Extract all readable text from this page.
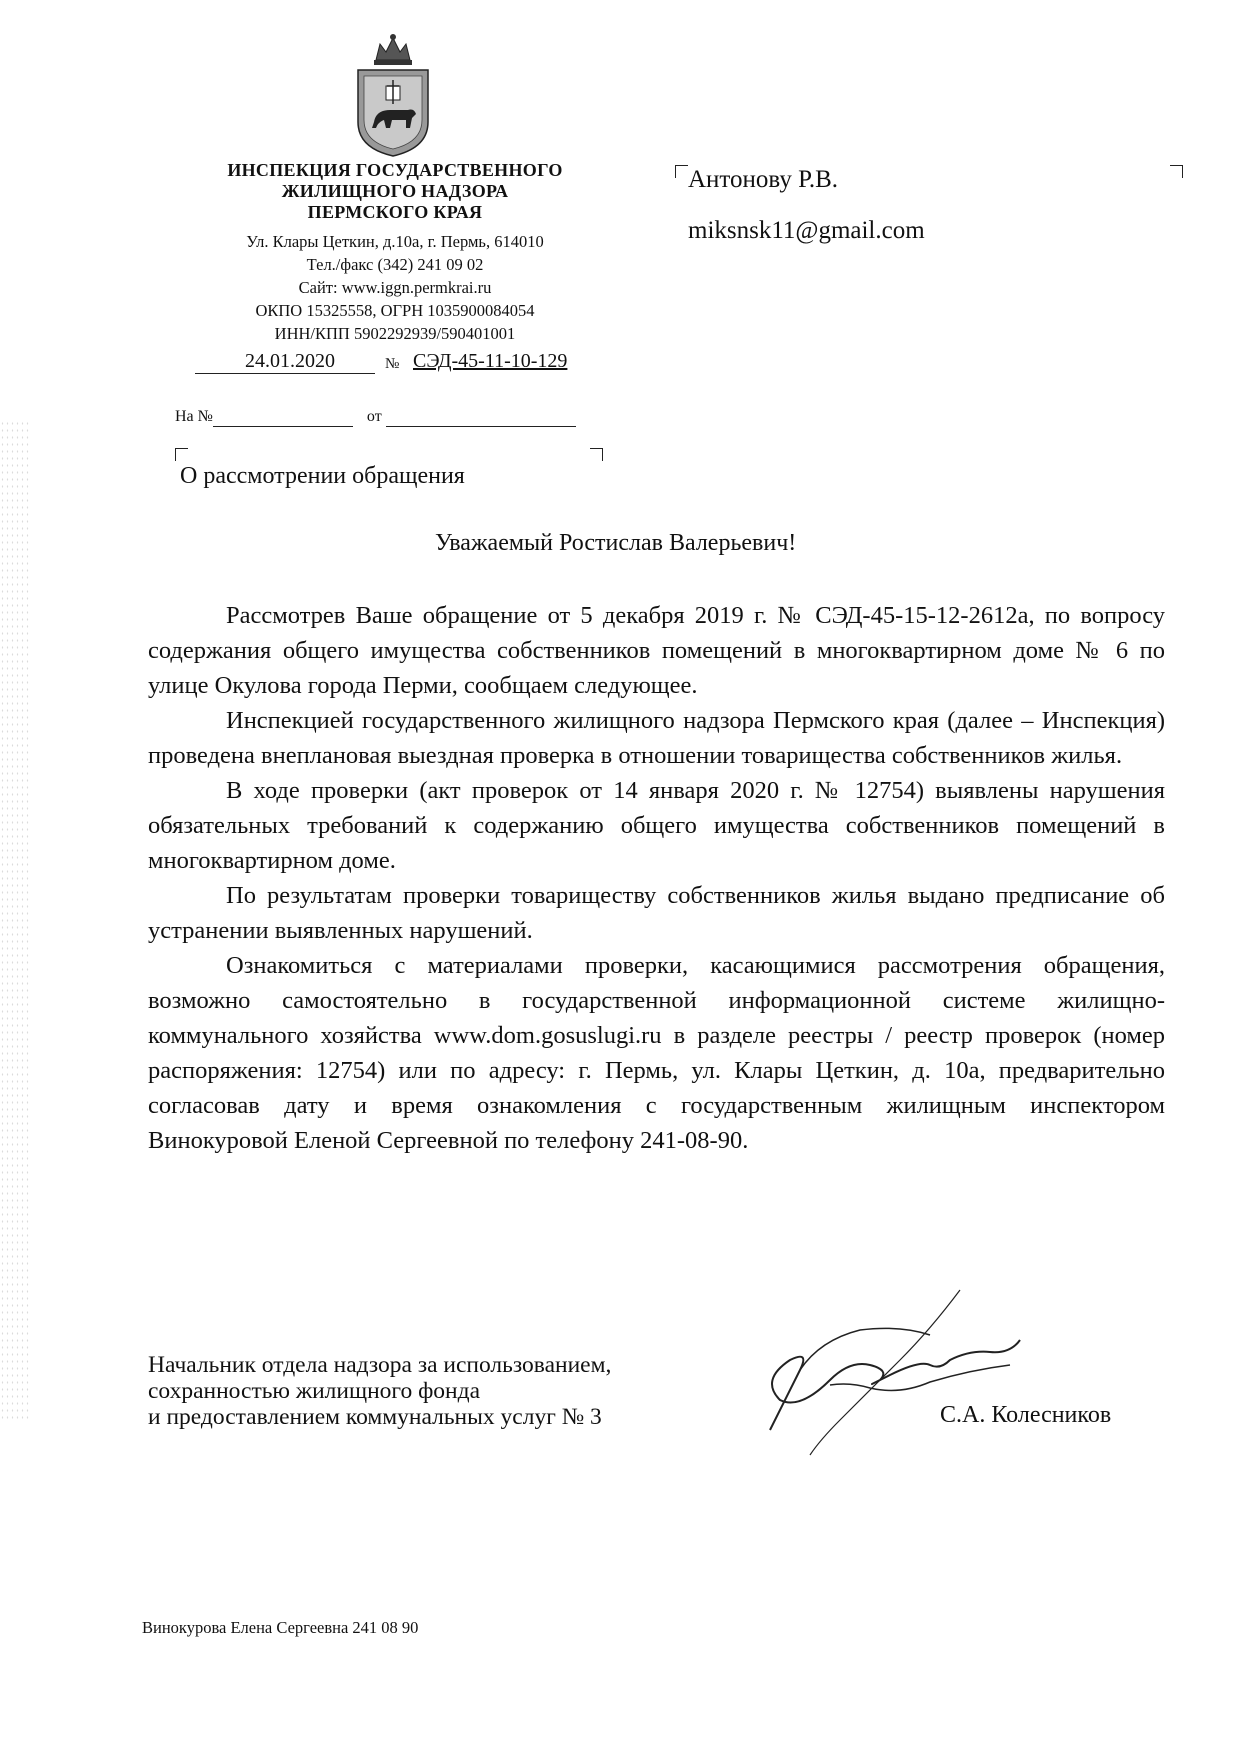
ИНСПЕКЦИЯ ГОСУДАРСТВЕННОГО
ЖИЛИЩНОГО НАДЗОРА
ПЕРМСКОГО КРАЯ
Ул. Клары Цеткин, д.10а, г. Пермь, 614010
Тел./факс (342) 241 09 02
Сайт: www.iggn.permkrai.ru
ОКПО 15325558, ОГРН 1035900084054
ИНН/КПП 5902292939/590401001
24.01.2020	№ СЭД-45-11-10-129
На №	от
О рассмотрении обращения
Антонову Р.В.
miksnsk11@gmail.com
Уважаемый Ростислав Валерьевич!

Рассмотрев Ваше обращение от 5 декабря 2019 г. № СЭД-45-15-12-2612а, по вопросу содержания общего имущества собственников помещений в многоквартирном доме № 6 по улице Окулова города Перми, сообщаем следующее.

Инспекцией государственного жилищного надзора Пермского края (далее – Инспекция) проведена внеплановая выездная проверка в отношении товарищества собственников жилья.

В ходе проверки (акт проверок от 14 января 2020 г. № 12754) выявлены нарушения обязательных требований к содержанию общего имущества собственников помещений в многоквартирном доме.

По результатам проверки товариществу собственников жилья выдано предписание об устранении выявленных нарушений.

Ознакомиться с материалами проверки, касающимися рассмотрения обращения, возможно самостоятельно в государственной информационной системе жилищно-коммунального хозяйства www.dom.gosuslugi.ru в разделе реестры / реестр проверок (номер распоряжения: 12754) или по адресу: г. Пермь, ул. Клары Цеткин, д. 10а, предварительно согласовав дату и время ознакомления с государственным жилищным инспектором Винокуровой Еленой Сергеевной по телефону 241-08-90.

Начальник отдела надзора за использованием,
сохранностью жилищного фонда
и предоставлением коммунальных услуг № 3	С.А. Колесников
Винокурова Елена Сергеевна 241 08 90
